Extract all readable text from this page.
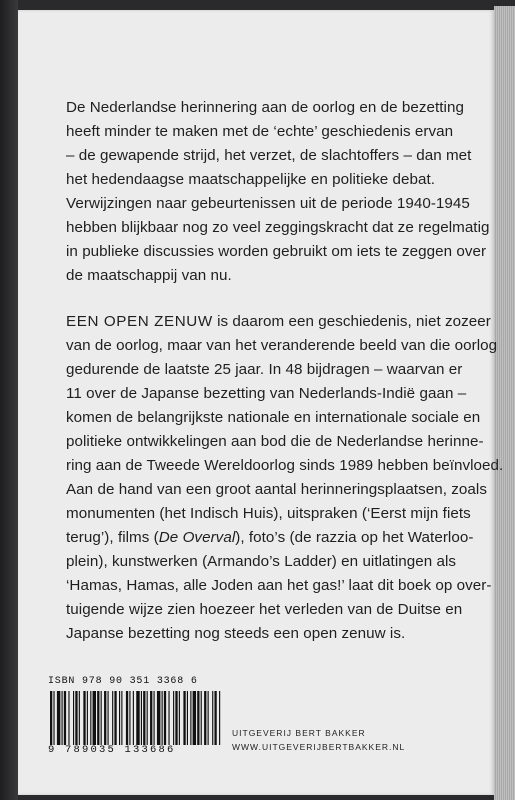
De Nederlandse herinnering aan de oorlog en de bezetting
heeft minder te maken met de ‘echte’ geschiedenis ervan
– de gewapende strijd, het verzet, de slachtoffers – dan met
het hedendaagse maatschappelijke en politieke debat.
Verwijzingen naar gebeurtenissen uit de periode 1940-1945
hebben blijkbaar nog zo veel zeggingskracht dat ze regelmatig
in publieke discussies worden gebruikt om iets te zeggen over
de maatschappij van nu.
EEN OPEN ZENUW is daarom een geschiedenis, niet zozeer
van de oorlog, maar van het veranderende beeld van die oorlog
gedurende de laatste 25 jaar. In 48 bijdragen – waarvan er
11 over de Japanse bezetting van Nederlands-Indië gaan –
komen de belangrijkste nationale en internationale sociale en
politieke ontwikkelingen aan bod die de Nederlandse herinne-
ring aan de Tweede Wereldoorlog sinds 1989 hebben beïnvloed.
Aan de hand van een groot aantal herinneringsplaatsen, zoals
monumenten (het Indisch Huis), uitspraken (‘Eerst mijn fiets
terug’), films (De Overval), foto’s (de razzia op het Waterloo-
plein), kunstwerken (Armando’s Ladder) en uitlatingen als
‘Hamas, Hamas, alle Joden aan het gas!’ laat dit boek op over-
tuigende wijze zien hoezeer het verleden van de Duitse en
Japanse bezetting nog steeds een open zenuw is.
ISBN 978 90 351 3368 6
9 789035 133686
UITGEVERIJ BERT BAKKER
WWW.UITGEVERIJBERTBAKKER.NL
